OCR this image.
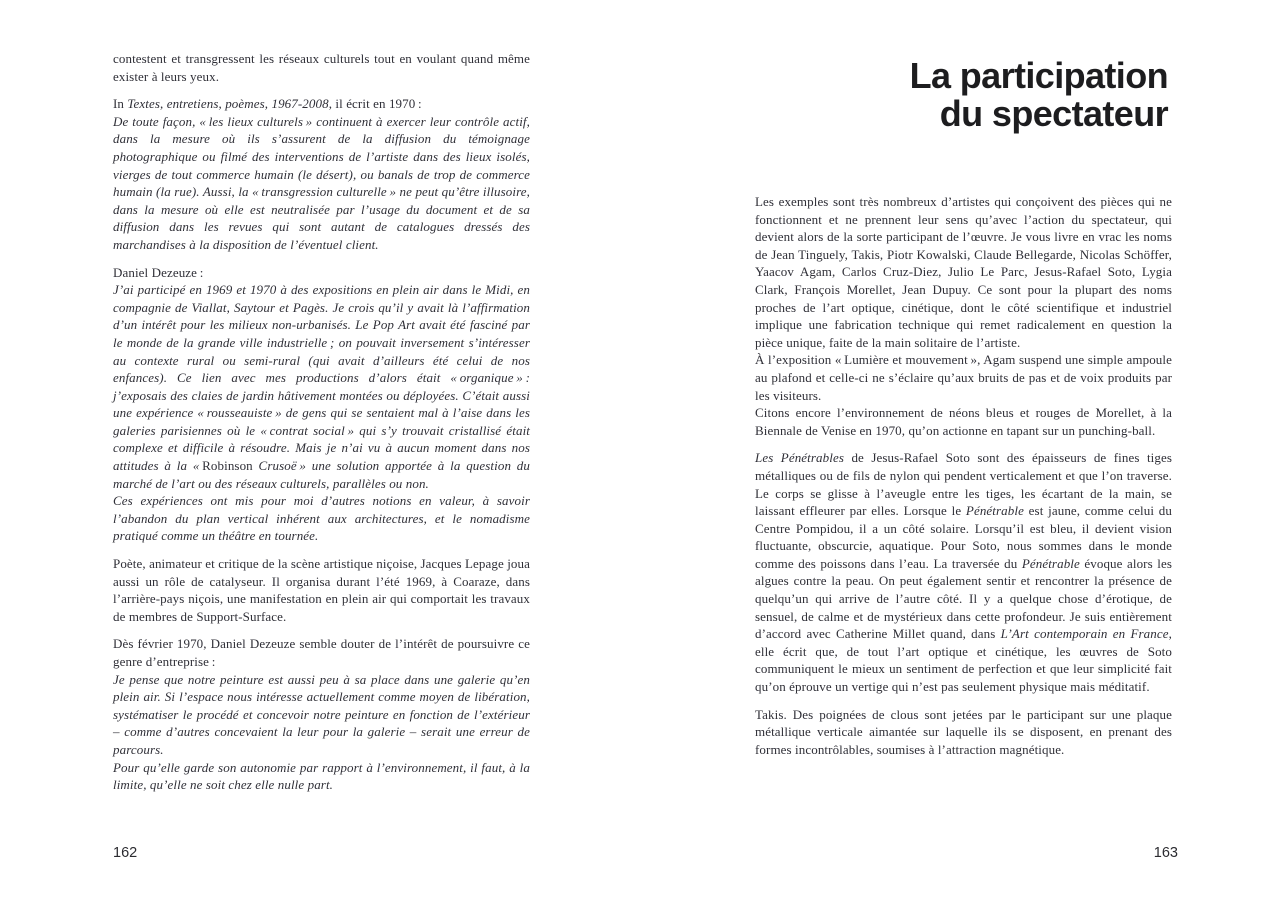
contestent et transgressent les réseaux culturels tout en voulant quand même exister à leurs yeux.

In Textes, entretiens, poèmes, 1967-2008, il écrit en 1970 :

De toute façon, « les lieux culturels » continuent à exercer leur contrôle actif, dans la mesure où ils s’assurent de la diffusion du témoignage photographique ou filmé des interventions de l’artiste dans des lieux isolés, vierges de tout commerce humain (le désert), ou banals de trop de commerce humain (la rue). Aussi, la « transgression culturelle » ne peut qu’être illusoire, dans la mesure où elle est neutralisée par l’usage du document et de sa diffusion dans les revues qui sont autant de catalogues dressés des marchandises à la disposition de l’éventuel client.

Daniel Dezeuze :

J’ai participé en 1969 et 1970 à des expositions en plein air dans le Midi, en compagnie de Viallat, Saytour et Pagès. Je crois qu’il y avait là l’affirmation d’un intérêt pour les milieux non-urbanisés. Le Pop Art avait été fasciné par le monde de la grande ville industrielle ; on pouvait inversement s’intéresser au contexte rural ou semi-rural (qui avait d’ailleurs été celui de nos enfances). Ce lien avec mes productions d’alors était « organique » : j’exposais des claies de jardin hâtivement montées ou déployées. C’était aussi une expérience « rousseauiste » de gens qui se sentaient mal à l’aise dans les galeries parisiennes où le « contrat social » qui s’y trouvait cristallisé était complexe et difficile à résoudre. Mais je n’ai vu à aucun moment dans nos attitudes à la « Robinson Crusoë » une solution apportée à la question du marché de l’art ou des réseaux culturels, parallèles ou non.

Ces expériences ont mis pour moi d’autres notions en valeur, à savoir l’abandon du plan vertical inhérent aux architectures, et le nomadisme pratiqué comme un théâtre en tournée.

Poète, animateur et critique de la scène artistique niçoise, Jacques Lepage joua aussi un rôle de catalyseur. Il organisa durant l’été 1969, à Coaraze, dans l’arrière-pays niçois, une manifestation en plein air qui comportait les travaux de membres de Support-Surface.

Dès février 1970, Daniel Dezeuze semble douter de l’intérêt de poursuivre ce genre d’entreprise :

Je pense que notre peinture est aussi peu à sa place dans une galerie qu’en plein air. Si l’espace nous intéresse actuellement comme moyen de libération, systématiser le procédé et concevoir notre peinture en fonction de l’extérieur – comme d’autres concevaient la leur pour la galerie – serait une erreur de parcours.

Pour qu’elle garde son autonomie par rapport à l’environnement, il faut, à la limite, qu’elle ne soit chez elle nulle part.

162
La participation
du spectateur

Les exemples sont très nombreux d’artistes qui conçoivent des pièces qui ne fonctionnent et ne prennent leur sens qu’avec l’action du spectateur, qui devient alors de la sorte participant de l’œuvre. Je vous livre en vrac les noms de Jean Tinguely, Takis, Piotr Kowalski, Claude Bellegarde, Nicolas Schöffer, Yaacov Agam, Carlos Cruz-Diez, Julio Le Parc, Jesus-Rafael Soto, Lygia Clark, François Morellet, Jean Dupuy. Ce sont pour la plupart des noms proches de l’art optique, cinétique, dont le côté scientifique et industriel implique une fabrication technique qui remet radicalement en question la pièce unique, faite de la main solitaire de l’artiste.

À l’exposition « Lumière et mouvement », Agam suspend une simple ampoule au plafond et celle-ci ne s’éclaire qu’aux bruits de pas et de voix produits par les visiteurs.

Citons encore l’environnement de néons bleus et rouges de Morellet, à la Biennale de Venise en 1970, qu’on actionne en tapant sur un punching-ball.

Les Pénétrables de Jesus-Rafael Soto sont des épaisseurs de fines tiges métalliques ou de fils de nylon qui pendent verticalement et que l’on traverse. Le corps se glisse à l’aveugle entre les tiges, les écartant de la main, se laissant effleurer par elles. Lorsque le Pénétrable est jaune, comme celui du Centre Pompidou, il a un côté solaire. Lorsqu’il est bleu, il devient vision fluctuante, obscurcie, aquatique. Pour Soto, nous sommes dans le monde comme des poissons dans l’eau. La traversée du Pénétrable évoque alors les algues contre la peau. On peut également sentir et rencontrer la présence de quelqu’un qui arrive de l’autre côté. Il y a quelque chose d’érotique, de sensuel, de calme et de mystérieux dans cette profondeur. Je suis entièrement d’accord avec Catherine Millet quand, dans L’Art contemporain en France, elle écrit que, de tout l’art optique et cinétique, les œuvres de Soto communiquent le mieux un sentiment de perfection et que leur simplicité fait qu’on éprouve un vertige qui n’est pas seulement physique mais méditatif.

Takis. Des poignées de clous sont jetées par le participant sur une plaque métallique verticale aimantée sur laquelle ils se disposent, en prenant des formes incontrôlables, soumises à l’attraction magnétique.

163
